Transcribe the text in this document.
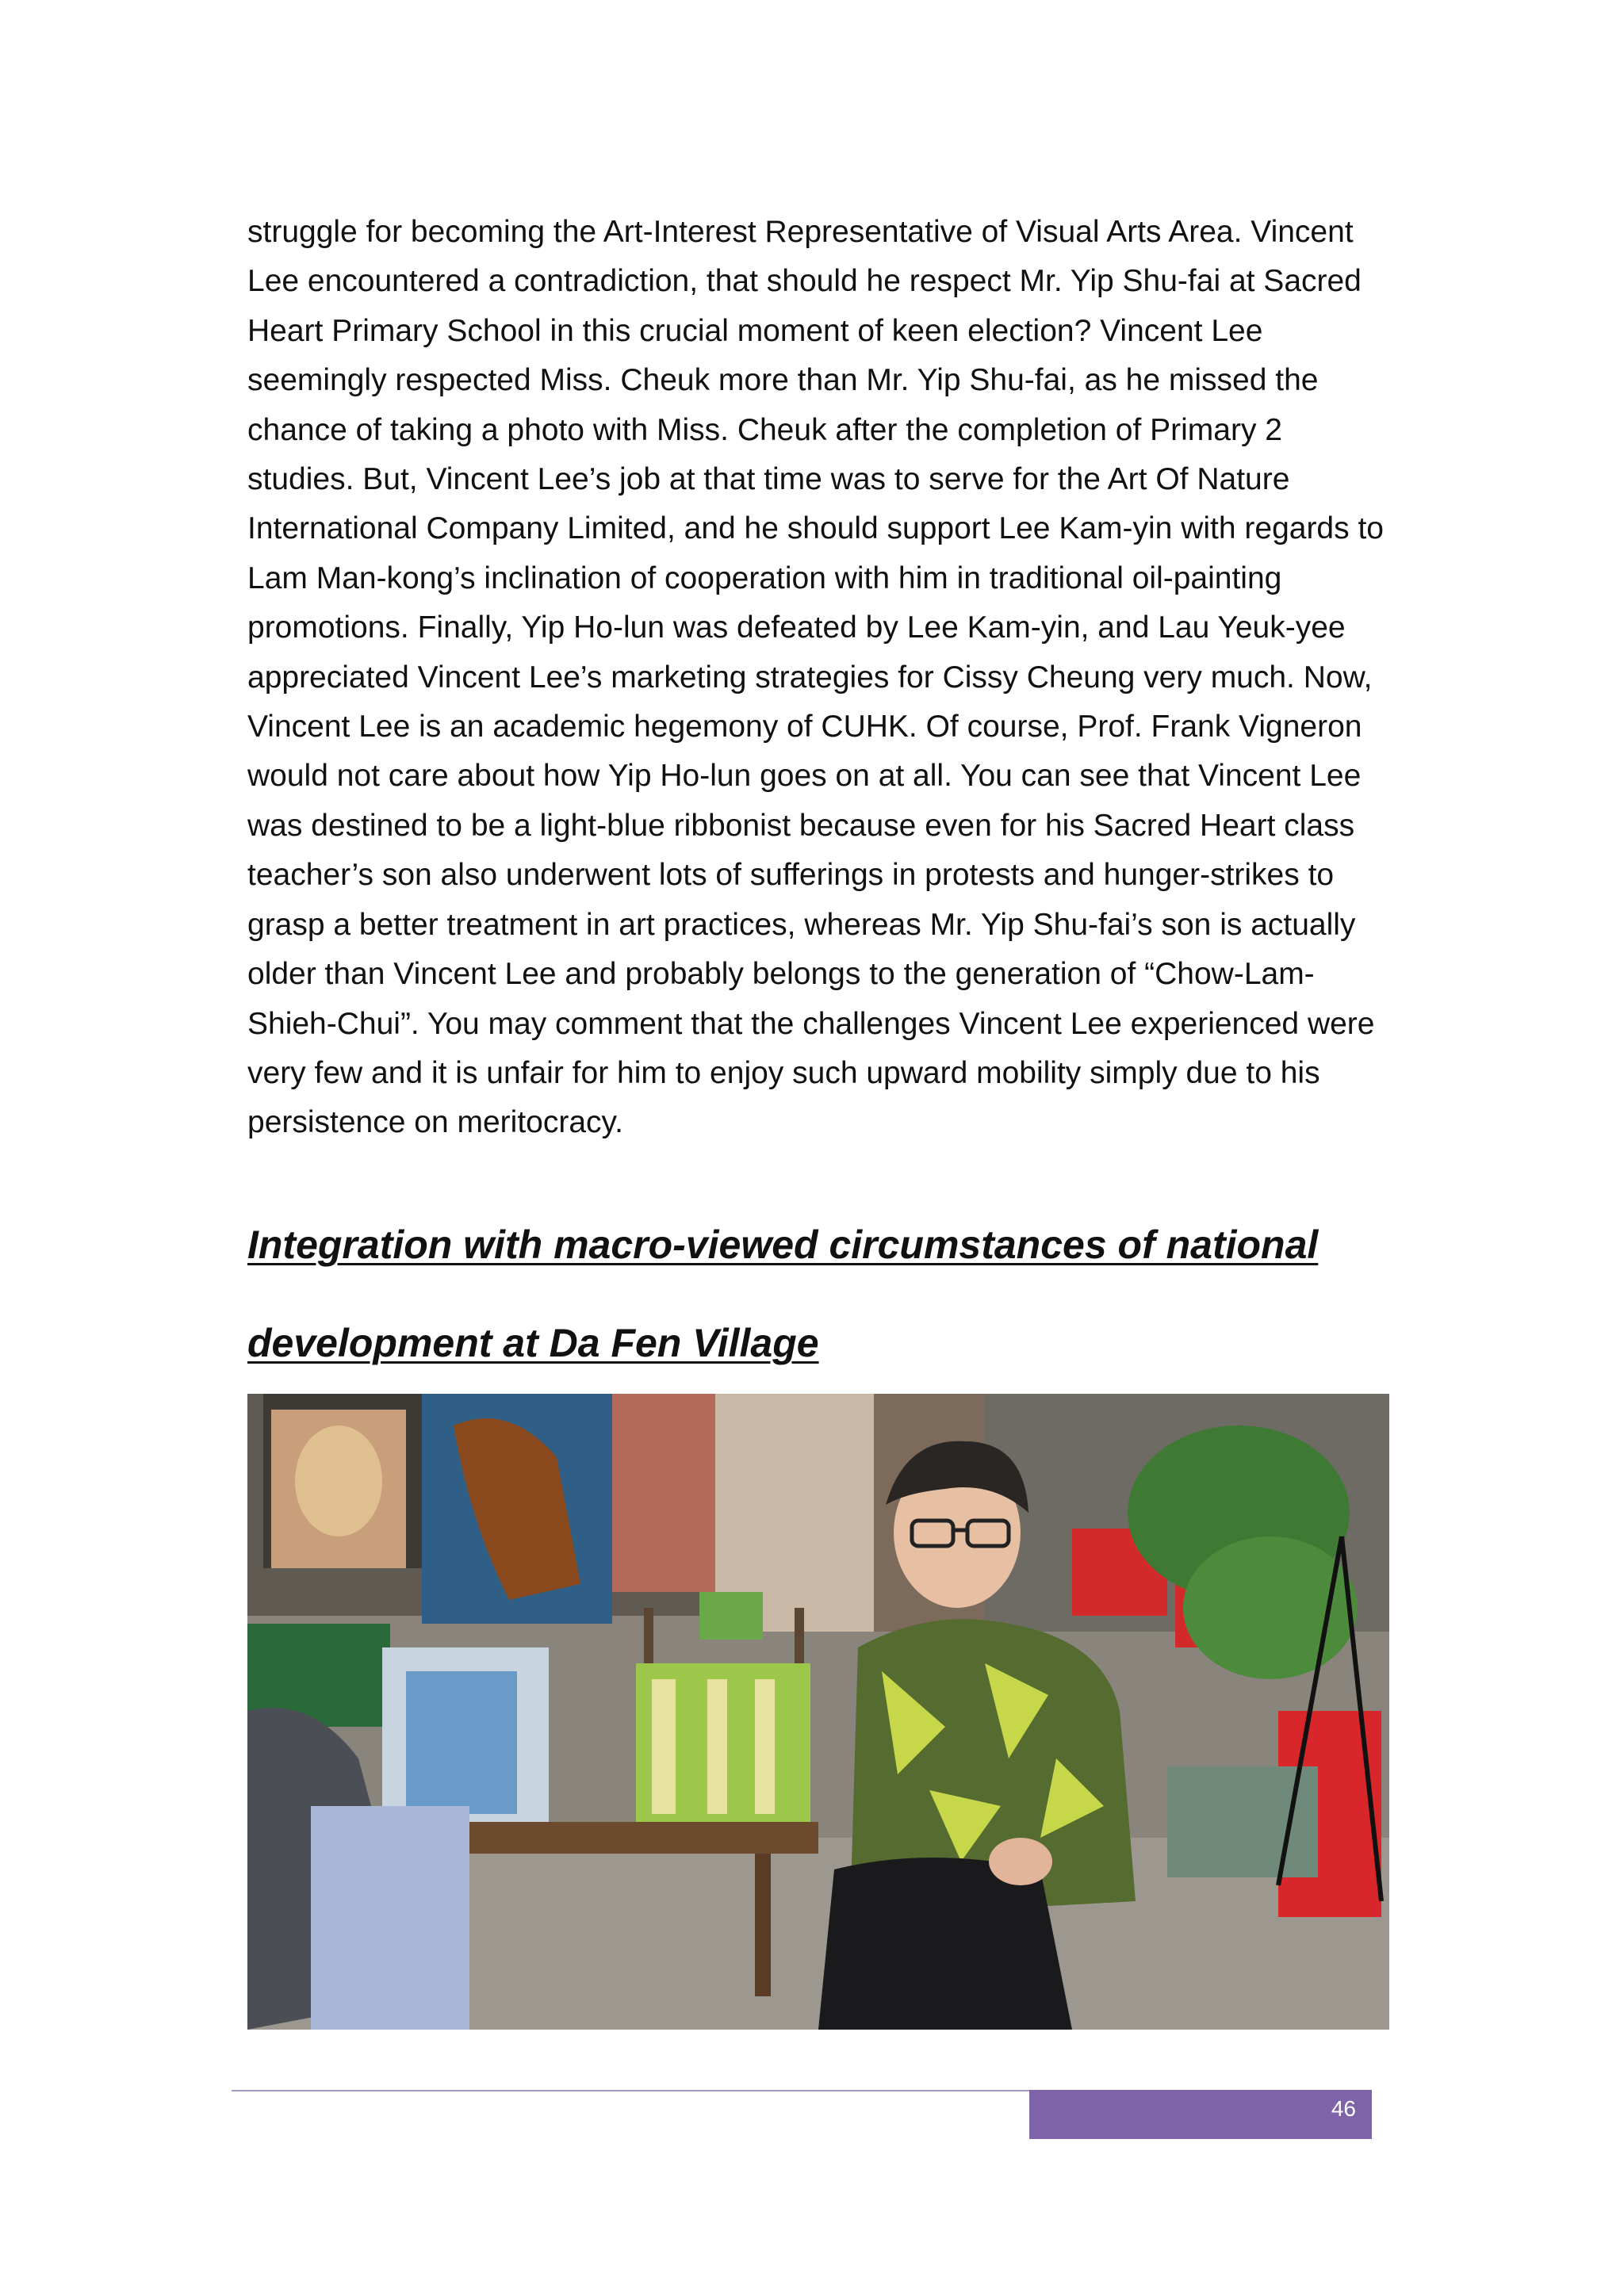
struggle for becoming the Art-Interest Representative of Visual Arts Area. Vincent Lee encountered a contradiction, that should he respect Mr. Yip Shu-fai at Sacred Heart Primary School in this crucial moment of keen election? Vincent Lee seemingly respected Miss. Cheuk more than Mr. Yip Shu-fai, as he missed the chance of taking a photo with Miss. Cheuk after the completion of Primary 2 studies. But, Vincent Lee’s job at that time was to serve for the Art Of Nature International Company Limited, and he should support Lee Kam-yin with regards to Lam Man-kong’s inclination of cooperation with him in traditional oil-painting promotions. Finally, Yip Ho-lun was defeated by Lee Kam-yin, and Lau Yeuk-yee appreciated Vincent Lee’s marketing strategies for Cissy Cheung very much. Now, Vincent Lee is an academic hegemony of CUHK. Of course, Prof. Frank Vigneron would not care about how Yip Ho-lun goes on at all. You can see that Vincent Lee was destined to be a light-blue ribbonist because even for his Sacred Heart class teacher’s son also underwent lots of sufferings in protests and hunger-strikes to grasp a better treatment in art practices, whereas Mr. Yip Shu-fai’s son is actually older than Vincent Lee and probably belongs to the generation of “Chow-Lam-Shieh-Chui”. You may comment that the challenges Vincent Lee experienced were very few and it is unfair for him to enjoy such upward mobility simply due to his persistence on meritocracy.

Integration with macro-viewed circumstances of national
development at Da Fen Village
46
